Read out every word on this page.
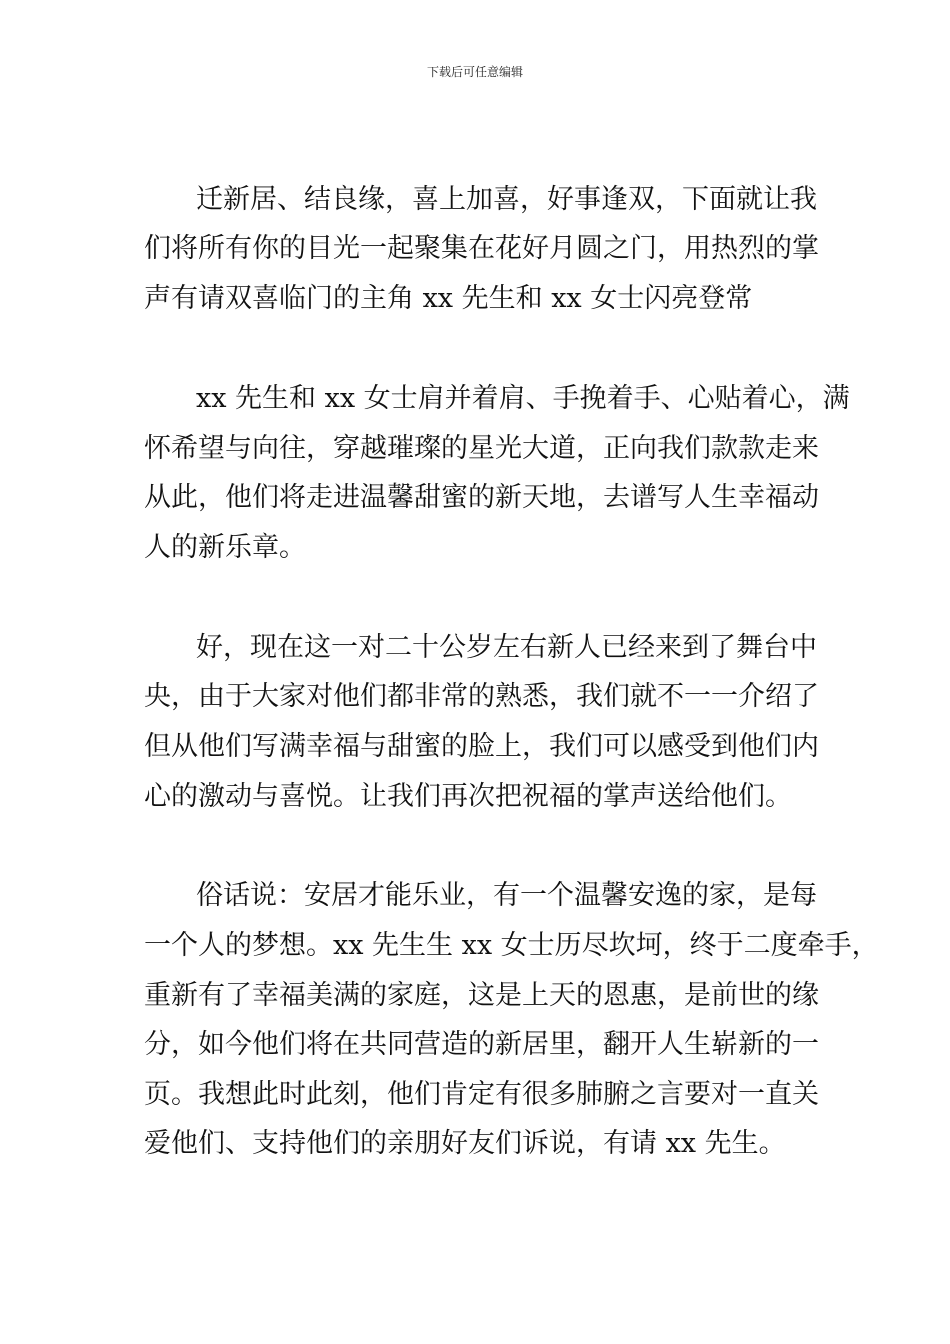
下载后可任意编辑
迁新居、结良缘，喜上加喜，好事逢双，下面就让我
们将所有你的目光一起聚集在花好月圆之门，用热烈的掌
声有请双喜临门的主角 xx 先生和 xx 女士闪亮登常
xx 先生和 xx 女士肩并着肩、手挽着手、心贴着心，满
怀希望与向往，穿越璀璨的星光大道，正向我们款款走来
从此，他们将走进温馨甜蜜的新天地，去谱写人生幸福动
人的新乐章。
好，现在这一对二十公岁左右新人已经来到了舞台中
央，由于大家对他们都非常的熟悉，我们就不一一介绍了
但从他们写满幸福与甜蜜的脸上，我们可以感受到他们内
心的激动与喜悦。让我们再次把祝福的掌声送给他们。
俗话说：安居才能乐业，有一个温馨安逸的家，是每
一个人的梦想。xx 先生生 xx 女士历尽坎坷，终于二度牵手，
重新有了幸福美满的家庭，这是上天的恩惠，是前世的缘
分，如今他们将在共同营造的新居里，翻开人生崭新的一
页。我想此时此刻，他们肯定有很多肺腑之言要对一直关
爱他们、支持他们的亲朋好友们诉说，有请 xx 先生。
